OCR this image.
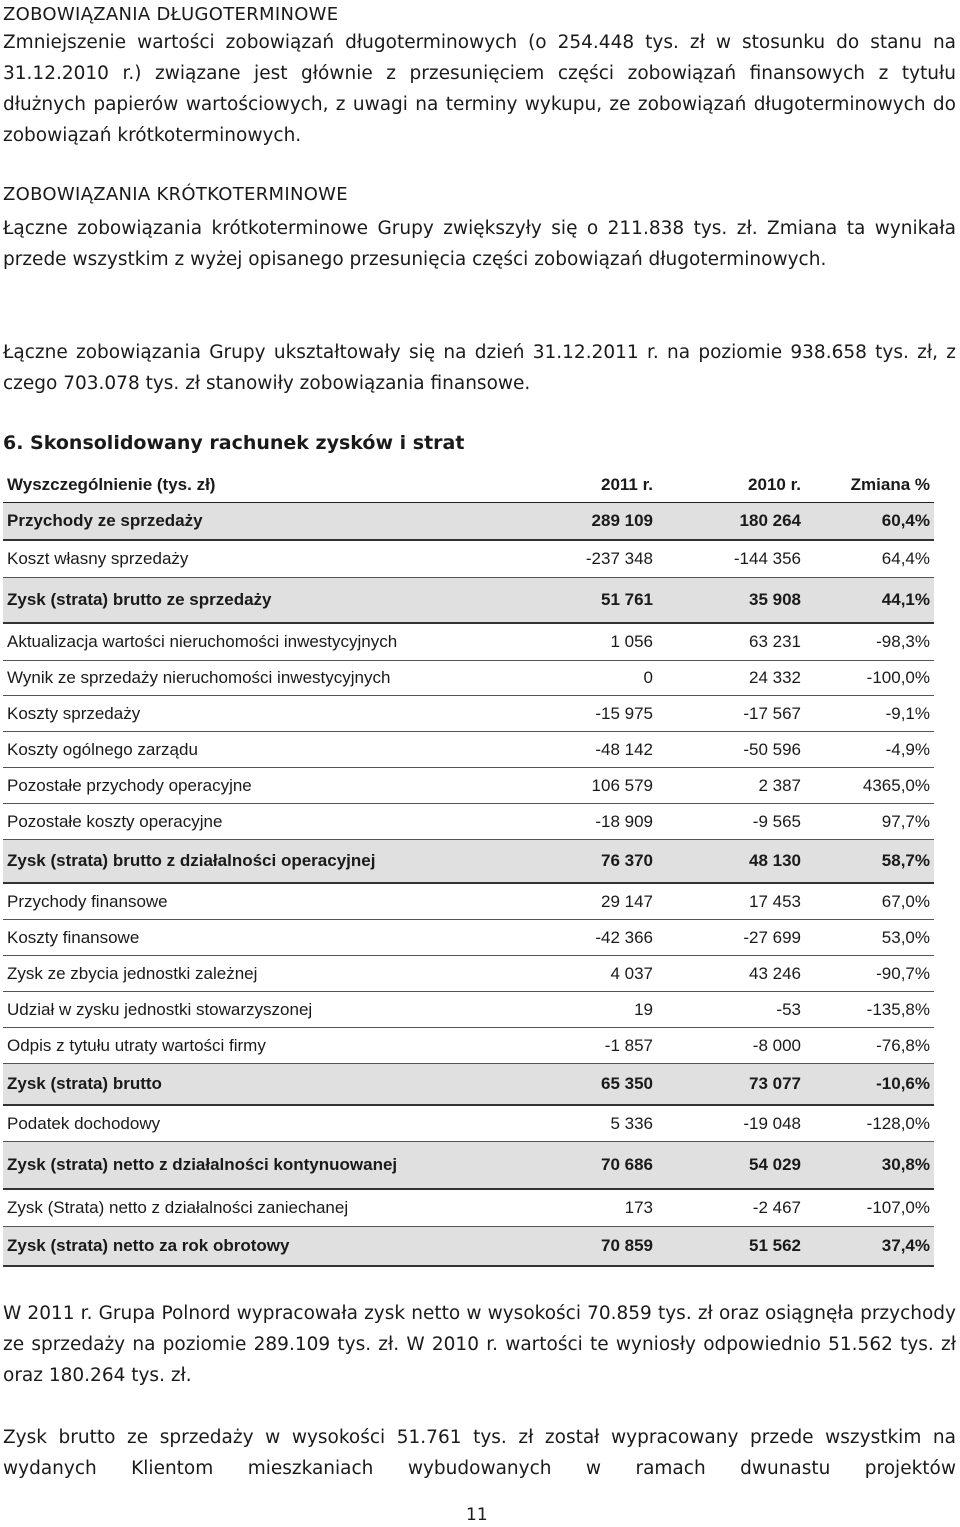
ZOBOWIĄZANIA DŁUGOTERMINOWE

Zmniejszenie wartości zobowiązań długoterminowych (o 254.448 tys. zł w stosunku do stanu na 31.12.2010 r.) związane jest głównie z przesunięciem części zobowiązań finansowych z tytułu dłużnych papierów wartościowych, z uwagi na terminy wykupu, ze zobowiązań długoterminowych do zobowiązań krótkoterminowych.

ZOBOWIĄZANIA KRÓTKOTERMINOWE

Łączne zobowiązania krótkoterminowe Grupy zwiększyły się o 211.838 tys. zł. Zmiana ta wynikała przede wszystkim z wyżej opisanego przesunięcia części zobowiązań długoterminowych.

Łączne zobowiązania Grupy ukształtowały się na dzień 31.12.2011 r. na poziomie 938.658 tys. zł, z czego 703.078 tys. zł stanowiły zobowiązania finansowe.

6. Skonsolidowany rachunek zysków i strat
Wyszczególnienie (tys. zł)	2011 r.	2010 r.	Zmiana %
Przychody ze sprzedaży	289 109	180 264	60,4%
Koszt własny sprzedaży	-237 348	-144 356	64,4%
Zysk (strata) brutto ze sprzedaży	51 761	35 908	44,1%
Aktualizacja wartości nieruchomości inwestycyjnych	1 056	63 231	-98,3%
Wynik ze sprzedaży nieruchomości inwestycyjnych	0	24 332	-100,0%
Koszty sprzedaży	-15 975	-17 567	-9,1%
Koszty ogólnego zarządu	-48 142	-50 596	-4,9%
Pozostałe przychody operacyjne	106 579	2 387	4365,0%
Pozostałe koszty operacyjne	-18 909	-9 565	97,7%
Zysk (strata) brutto z działalności operacyjnej	76 370	48 130	58,7%
Przychody finansowe	29 147	17 453	67,0%
Koszty finansowe	-42 366	-27 699	53,0%
Zysk ze zbycia jednostki zależnej	4 037	43 246	-90,7%
Udział w zysku jednostki stowarzyszonej	19	-53	-135,8%
Odpis z tytułu utraty wartości firmy	-1 857	-8 000	-76,8%
Zysk (strata) brutto	65 350	73 077	-10,6%
Podatek dochodowy	5 336	-19 048	-128,0%
Zysk (strata) netto z działalności kontynuowanej	70 686	54 029	30,8%
Zysk (Strata) netto z działalności zaniechanej	173	-2 467	-107,0%
Zysk (strata) netto za rok obrotowy	70 859	51 562	37,4%

W 2011 r. Grupa Polnord wypracowała zysk netto w wysokości 70.859 tys. zł oraz osiągnęła przychody ze sprzedaży na poziomie 289.109 tys. zł. W 2010 r. wartości te wyniosły odpowiednio 51.562 tys. zł oraz 180.264 tys. zł.

Zysk brutto ze sprzedaży w wysokości 51.761 tys. zł został wypracowany przede wszystkim na wydanych Klientom mieszkaniach wybudowanych w ramach dwunastu projektów

11
